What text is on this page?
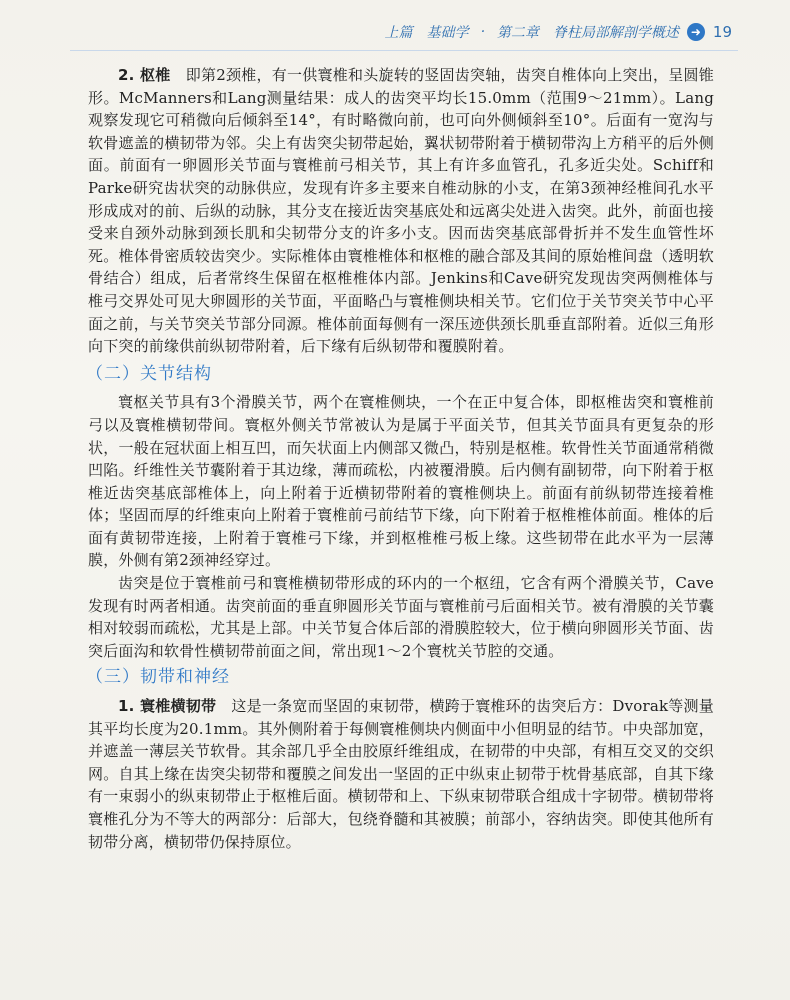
上篇　基础学 · 第二章　脊柱局部解剖学概述 ➜ 19

2. 枢椎　即第2颈椎，有一供寰椎和头旋转的竖固齿突轴，齿突自椎体向上突出，呈圆锥形。McManners和Lang测量结果：成人的齿突平均长15.0mm（范围9～21mm）。Lang观察发现它可稍微向后倾斜至14°，有时略微向前，也可向外侧倾斜至10°。后面有一宽沟与软骨遮盖的横韧带为邻。尖上有齿突尖韧带起始，翼状韧带附着于横韧带沟上方稍平的后外侧面。前面有一卵圆形关节面与寰椎前弓相关节，其上有许多血管孔，孔多近尖处。Schiff和Parke研究齿状突的动脉供应，发现有许多主要来自椎动脉的小支，在第3颈神经椎间孔水平形成成对的前、后纵的动脉，其分支在接近齿突基底处和远离尖处进入齿突。此外，前面也接受来自颈外动脉到颈长肌和尖韧带分支的许多小支。因而齿突基底部骨折并不发生血管性坏死。椎体骨密质较齿突少。实际椎体由寰椎椎体和枢椎的融合部及其间的原始椎间盘（透明软骨结合）组成，后者常终生保留在枢椎椎体内部。Jenkins和Cave研究发现齿突两侧椎体与椎弓交界处可见大卵圆形的关节面，平面略凸与寰椎侧块相关节。它们位于关节突关节中心平面之前，与关节突关节部分同源。椎体前面每侧有一深压迹供颈长肌垂直部附着。近似三角形向下突的前缘供前纵韧带附着，后下缘有后纵韧带和覆膜附着。

（二）关节结构

寰枢关节具有3个滑膜关节，两个在寰椎侧块，一个在正中复合体，即枢椎齿突和寰椎前弓以及寰椎横韧带间。寰枢外侧关节常被认为是属于平面关节，但其关节面具有更复杂的形状，一般在冠状面上相互凹，而矢状面上内侧部又微凸，特别是枢椎。软骨性关节面通常稍微凹陷。纤维性关节囊附着于其边缘，薄而疏松，内被覆滑膜。后内侧有副韧带，向下附着于枢椎近齿突基底部椎体上，向上附着于近横韧带附着的寰椎侧块上。前面有前纵韧带连接着椎体；坚固而厚的纤维束向上附着于寰椎前弓前结节下缘，向下附着于枢椎椎体前面。椎体的后面有黄韧带连接，上附着于寰椎弓下缘，并到枢椎椎弓板上缘。这些韧带在此水平为一层薄膜，外侧有第2颈神经穿过。

齿突是位于寰椎前弓和寰椎横韧带形成的环内的一个枢纽，它含有两个滑膜关节，Cave发现有时两者相通。齿突前面的垂直卵圆形关节面与寰椎前弓后面相关节。被有滑膜的关节囊相对较弱而疏松，尤其是上部。中关节复合体后部的滑膜腔较大，位于横向卵圆形关节面、齿突后面沟和软骨性横韧带前面之间，常出现1～2个寰枕关节腔的交通。

（三）韧带和神经

1. 寰椎横韧带　这是一条宽而坚固的束韧带，横跨于寰椎环的齿突后方：Dvorak等测量其平均长度为20.1mm。其外侧附着于每侧寰椎侧块内侧面中小但明显的结节。中央部加宽，并遮盖一薄层关节软骨。其余部几乎全由胶原纤维组成，在韧带的中央部，有相互交叉的交织网。自其上缘在齿突尖韧带和覆膜之间发出一坚固的正中纵束止韧带于枕骨基底部，自其下缘有一束弱小的纵束韧带止于枢椎后面。横韧带和上、下纵束韧带联合组成十字韧带。横韧带将寰椎孔分为不等大的两部分：后部大，包绕脊髓和其被膜；前部小，容纳齿突。即使其他所有韧带分离，横韧带仍保持原位。
